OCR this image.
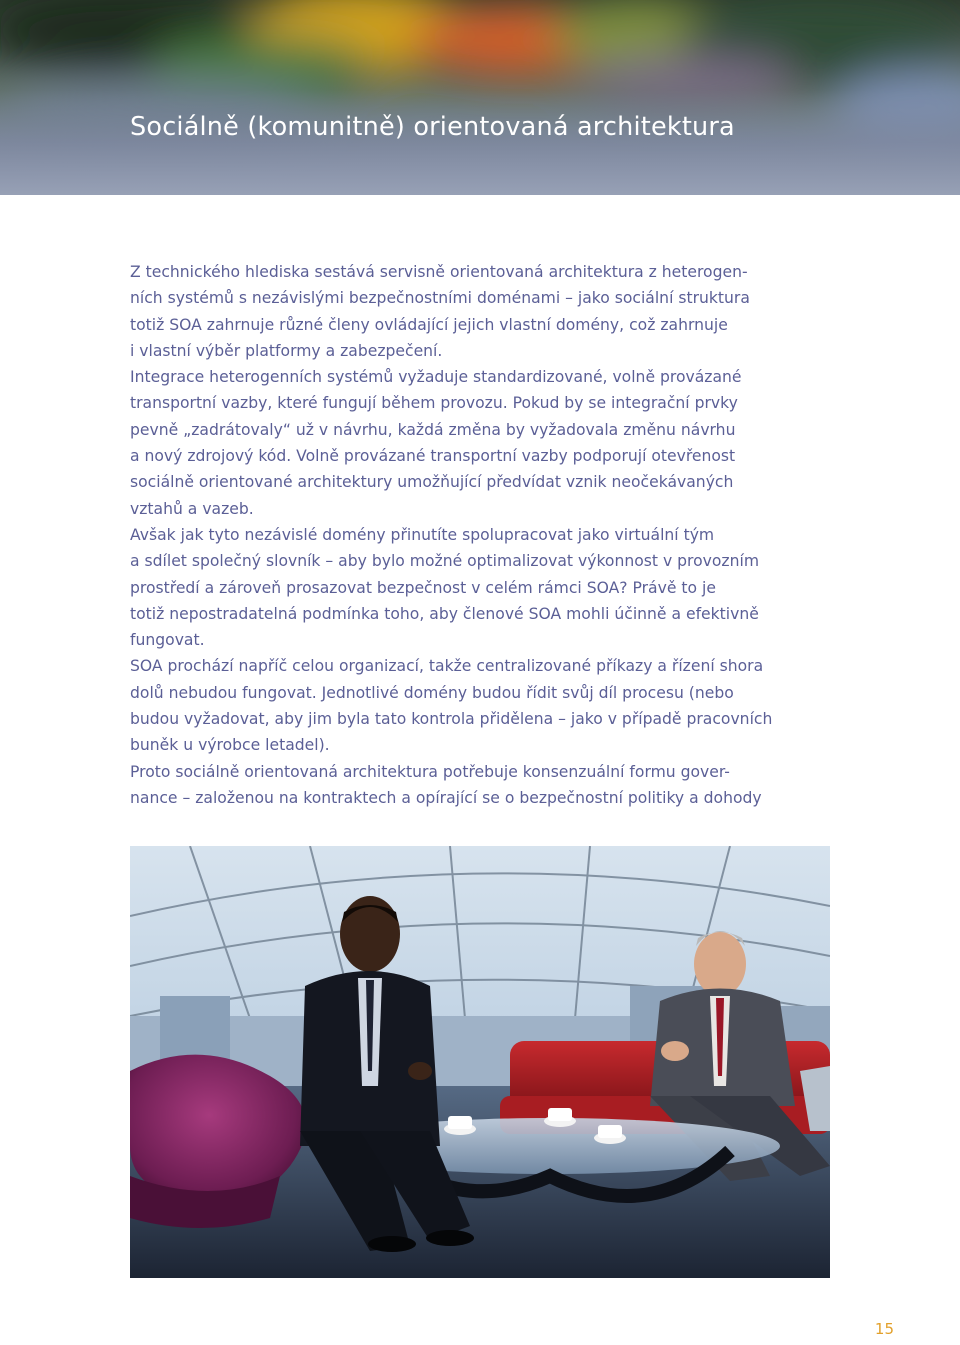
Sociálně (komunitně) orientovaná architektura

Z technického hlediska sestává servisně orientovaná architektura z heterogen-

ních systémů s nezávislými bezpečnostními doménami – jako sociální struktura

totiž SOA zahrnuje různé členy ovládající jejich vlastní domény, což zahrnuje

i vlastní výběr platformy a zabezpečení.

Integrace heterogenních systémů vyžaduje standardizované, volně provázané

transportní vazby, které fungují během provozu. Pokud by se integrační prvky

pevně „zadrátovaly“ už v návrhu, každá změna by vyžadovala změnu návrhu

a nový zdrojový kód. Volně provázané transportní vazby podporují otevřenost

sociálně orientované architektury umožňující předvídat vznik neočekávaných

vztahů a vazeb.

Avšak jak tyto nezávislé domény přinutíte spolupracovat jako virtuální tým

a sdílet společný slovník – aby bylo možné optimalizovat výkonnost v provozním

prostředí a zároveň prosazovat bezpečnost v celém rámci SOA? Právě to je

totiž nepostradatelná podmínka toho, aby členové SOA mohli účinně a efektivně

fungovat.

SOA prochází napříč celou organizací, takže centralizované příkazy a řízení shora

dolů nebudou fungovat. Jednotlivé domény budou řídit svůj díl procesu (nebo

budou vyžadovat, aby jim byla tato kontrola přidělena – jako v případě pracovních

buněk u výrobce letadel).

Proto sociálně orientovaná architektura potřebuje konsenzuální formu gover-

nance – založenou na kontraktech a opírající se o bezpečnostní politiky a dohody

15
